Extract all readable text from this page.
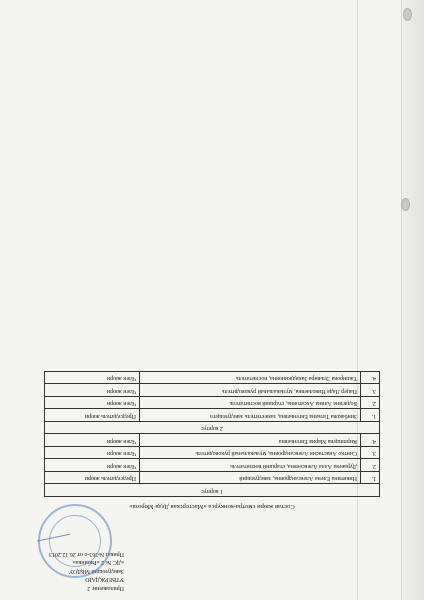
Приложение 2
УТВЕРЖДАЮ
Заведующий МБДОУ
«ДС № 2 «Рябинка»
Приказ №363-о от 26.12.2013
Состав жюри смотра-конкурса «Мастерская Деда Мороза»
1 корпус		
1.	Никитина Елена Александровна, заведующий	Председатель жюри
2.	Дураеева Алла Алексеевна, старший воспитатель	Член жюри
3.	Синтко Анастасия Александровна, музыкальный руководитель	Член жюри
4.	Кирпищева Мария Евгеньевна	Член жюри
2 корпус		
1.	Зинбакова Татьяна Евгеньевна, заместитель заведующего	Председатель жюри
2.	Бодягина Алина Ахсатовна, старший воспитатель	Член жюри
3.	Пацер Лада Николаевна, музыкальный руководитель	Член жюри
4.	Таширова Эльвира Закиджиновна, воспитатель	Член жюри
